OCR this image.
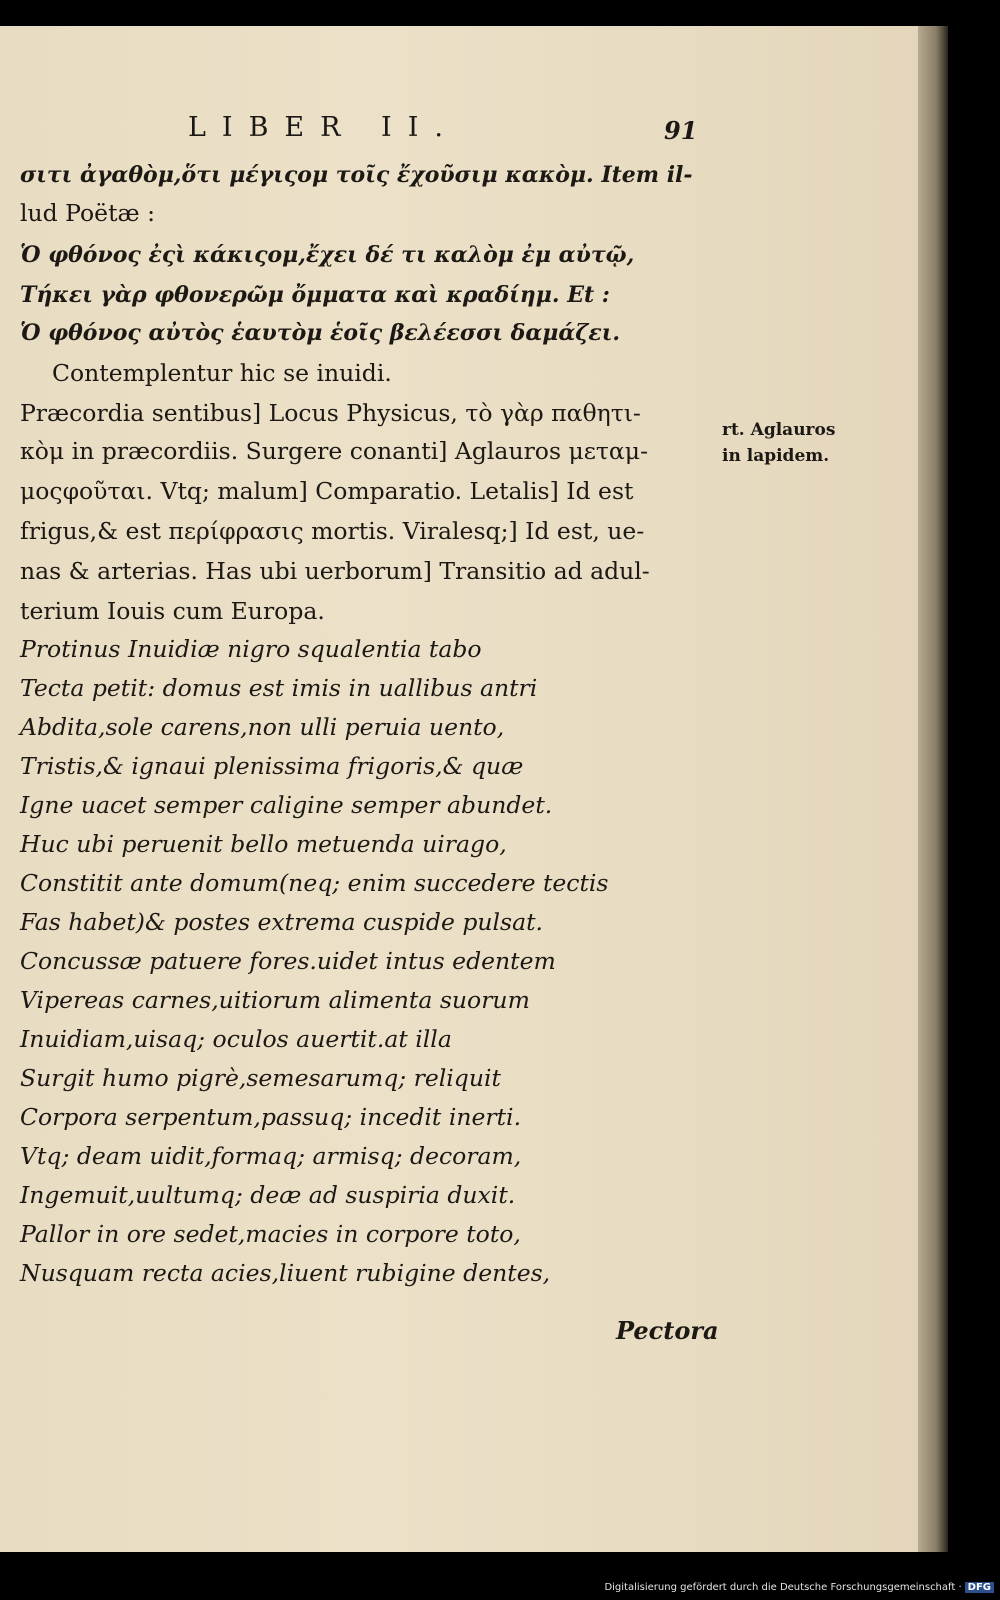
LIBER II.	91
σιτι ἀγαθὸμ,ὅτι μέγιςομ τοῖς ἔχοῦσιμ κακὸμ. Item il-
lud Poëtæ :
Ὁ φθόνος ἐςὶ κάκιςομ,ἔχει δέ τι καλὸμ ἐμ αὐτῷ,
Τήκει γὰρ φθονερῶμ ὄμματα καὶ κραδίημ. Et :
Ὁ φθόνος αὐτὸς ἑαυτὸμ ἑοῖς βελέεσσι δαμάζει.
Contemplentur hic se inuidi.
Præcordia sentibus] Locus Physicus, τὸ γὰρ παθητι-
κὸμ in præcordiis. Surgere conanti] Aglauros μεταμ-
μοςφοῦται. Vtq; malum] Comparatio. Letalis] Id est
frigus,& est περίφρασις mortis. Viralesq;] Id est, ue-
nas & arterias. Has ubi uerborum] Transitio ad adul-
terium Iouis cum Europa.
Protinus Inuidiæ nigro squalentia tabo
Tecta petit: domus est imis in uallibus antri
Abdita,sole carens,non ulli peruia uento,
Tristis,& ignaui plenissima frigoris,& quæ
Igne uacet semper caligine semper abundet.
Huc ubi peruenit bello metuenda uirago,
Constitit ante domum(neq; enim succedere tectis
Fas habet)& postes extrema cuspide pulsat.
Concussæ patuere fores.uidet intus edentem
Vipereas carnes,uitiorum alimenta suorum
Inuidiam,uisaq; oculos auertit.at illa
Surgit humo pigrè,semesarumq; reliquit
Corpora serpentum,passuq; incedit inerti.
Vtq; deam uidit,formaq; armisq; decoram,
Ingemuit,uultumq; deæ ad suspiria duxit.
Pallor in ore sedet,macies in corpore toto,
Nusquam recta acies,liuent rubigine dentes,
rt. Aglauros
in lapidem.
Pectora
Digitalisierung gefördert durch die Deutsche Forschungsgemeinschaft · DFG
